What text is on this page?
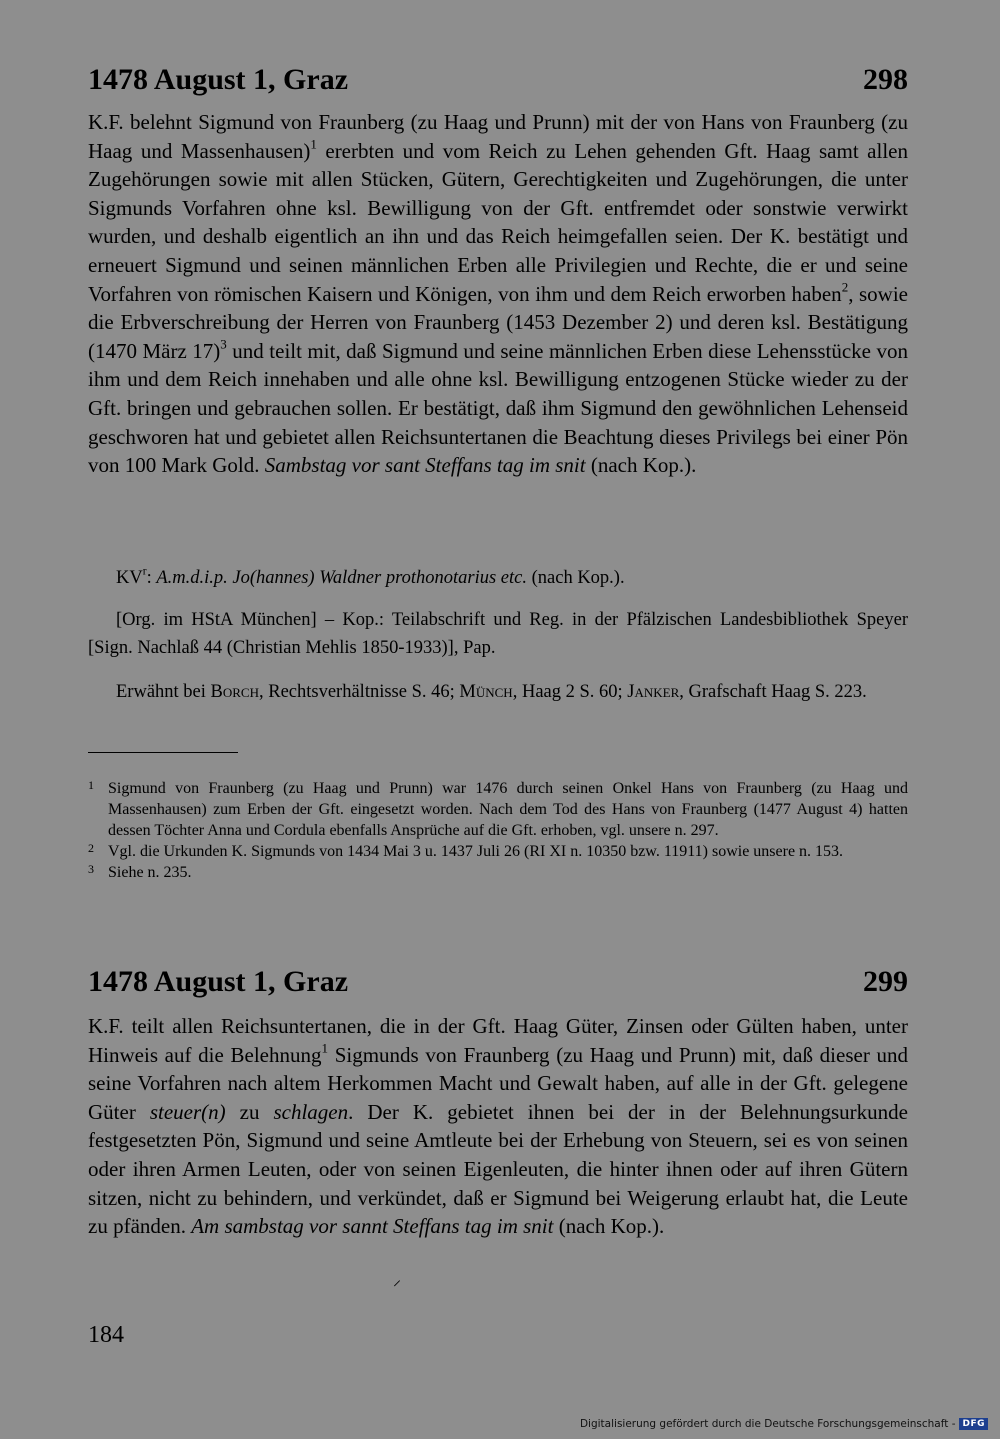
1478 August 1, Graz	298

K.F. belehnt Sigmund von Fraunberg (zu Haag und Prunn) mit der von Hans von Fraunberg (zu Haag und Massenhausen)$^1$ ererbten und vom Reich zu Lehen gehenden Gft. Haag samt allen Zugehörungen sowie mit allen Stücken, Gütern, Gerechtigkeiten und Zugehörungen, die unter Sigmunds Vorfahren ohne ksl. Bewilligung von der Gft. entfremdet oder sonstwie verwirkt wurden, und deshalb eigentlich an ihn und das Reich heimgefallen seien. Der K. bestätigt und erneuert Sigmund und seinen männlichen Erben alle Privilegien und Rechte, die er und seine Vorfahren von römischen Kaisern und Königen, von ihm und dem Reich erworben haben$^2$, sowie die Erbverschreibung der Herren von Fraunberg (1453 Dezember 2) und deren ksl. Bestätigung (1470 März 17)$^3$ und teilt mit, daß Sigmund und seine männlichen Erben diese Lehensstücke von ihm und dem Reich innehaben und alle ohne ksl. Bewilligung entzogenen Stücke wieder zu der Gft. bringen und gebrauchen sollen. Er bestätigt, daß ihm Sigmund den gewöhnlichen Lehenseid geschworen hat und gebietet allen Reichsuntertanen die Beachtung dieses Privilegs bei einer Pön von 100 Mark Gold. Sambstag vor sant Steffans tag im snit (nach Kop.).

$KV^r$: A.m.d.i.p. Jo(hannes) Waldner prothonotarius etc. (nach Kop.).

[Org. im HStA München] – Kop.: Teilabschrift und Reg. in der Pfälzischen Landesbibliothek Speyer [Sign. Nachlaß 44 (Christian Mehlis 1850-1933)], Pap.

Erwähnt bei Borch, Rechtsverhältnisse S. 46; Münch, Haag 2 S. 60; Janker, Grafschaft Haag S. 223.

1 Sigmund von Fraunberg (zu Haag und Prunn) war 1476 durch seinen Onkel Hans von Fraunberg (zu Haag und Massenhausen) zum Erben der Gft. eingesetzt worden. Nach dem Tod des Hans von Fraunberg (1477 August 4) hatten dessen Töchter Anna und Cordula ebenfalls Ansprüche auf die Gft. erhoben, vgl. unsere n. 297.
2 Vgl. die Urkunden K. Sigmunds von 1434 Mai 3 u. 1437 Juli 26 (RI XI n. 10350 bzw. 11911) sowie unsere n. 153.
3 Siehe n. 235.
1478 August 1, Graz	299

K.F. teilt allen Reichsuntertanen, die in der Gft. Haag Güter, Zinsen oder Gülten haben, unter Hinweis auf die Belehnung$^1$ Sigmunds von Fraunberg (zu Haag und Prunn) mit, daß dieser und seine Vorfahren nach altem Herkommen Macht und Gewalt haben, auf alle in der Gft. gelegene Güter steuer(n) zu schlagen. Der K. gebietet ihnen bei der in der Belehnungsurkunde festgesetzten Pön, Sigmund und seine Amtleute bei der Erhebung von Steuern, sei es von seinen oder ihren Armen Leuten, oder von seinen Eigenleuten, die hinter ihnen oder auf ihren Gütern sitzen, nicht zu behindern, und verkündet, daß er Sigmund bei Weigerung erlaubt hat, die Leute zu pfänden. Am sambstag vor sannt Steffans tag im snit (nach Kop.).

⸝
184
Digitalisierung gefördert durch die Deutsche Forschungsgemeinschaft - DFG
